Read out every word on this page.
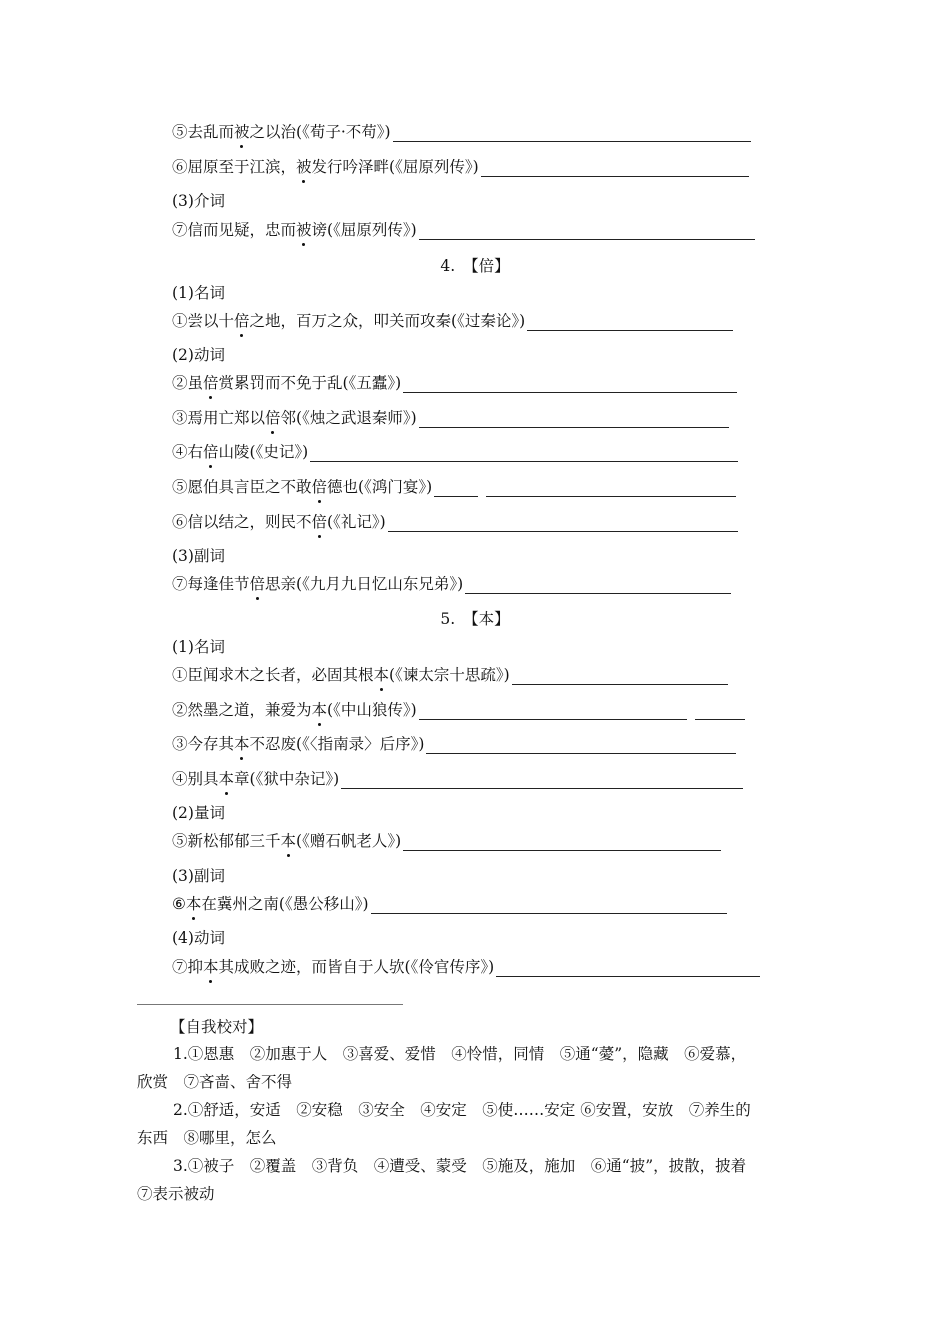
⑤去乱而被之以治(《荀子·不苟》)
⑥屈原至于江滨，被发行吟泽畔(《屈原列传》)
(3)介词
⑦信而见疑，忠而被谤(《屈原列传》)
4. 【倍】
(1)名词
①尝以十倍之地，百万之众，叩关而攻秦(《过秦论》)
(2)动词
②虽倍赏累罚而不免于乱(《五蠹》)
③焉用亡郑以倍邻(《烛之武退秦师》)
④右倍山陵(《史记》)
⑤愿伯具言臣之不敢倍德也(《鸿门宴》)
⑥信以结之，则民不倍(《礼记》)
(3)副词
⑦每逢佳节倍思亲(《九月九日忆山东兄弟》)
5. 【本】
(1)名词
①臣闻求木之长者，必固其根本(《谏太宗十思疏》)
②然墨之道，兼爱为本(《中山狼传》)
③今存其本不忍废(《〈指南录〉后序》)
④别具本章(《狱中杂记》)
(2)量词
⑤新松郁郁三千本(《赠石帆老人》)
(3)副词
⑥本在冀州之南(《愚公移山》)
(4)动词
⑦抑本其成败之迹，而皆自于人欤(《伶官传序》)
【自我校对】
1.①恩惠　②加惠于人　③喜爱、爱惜　④怜惜，同情　⑤通“薆”，隐藏　⑥爱慕，
欣赏　⑦吝啬、舍不得
2.①舒适，安适　②安稳　③安全　④安定　⑤使……安定 ⑥安置，安放　⑦养生的
东西　⑧哪里，怎么
3.①被子　②覆盖　③背负　④遭受、蒙受　⑤施及，施加　⑥通“披”，披散，披着
⑦表示被动
